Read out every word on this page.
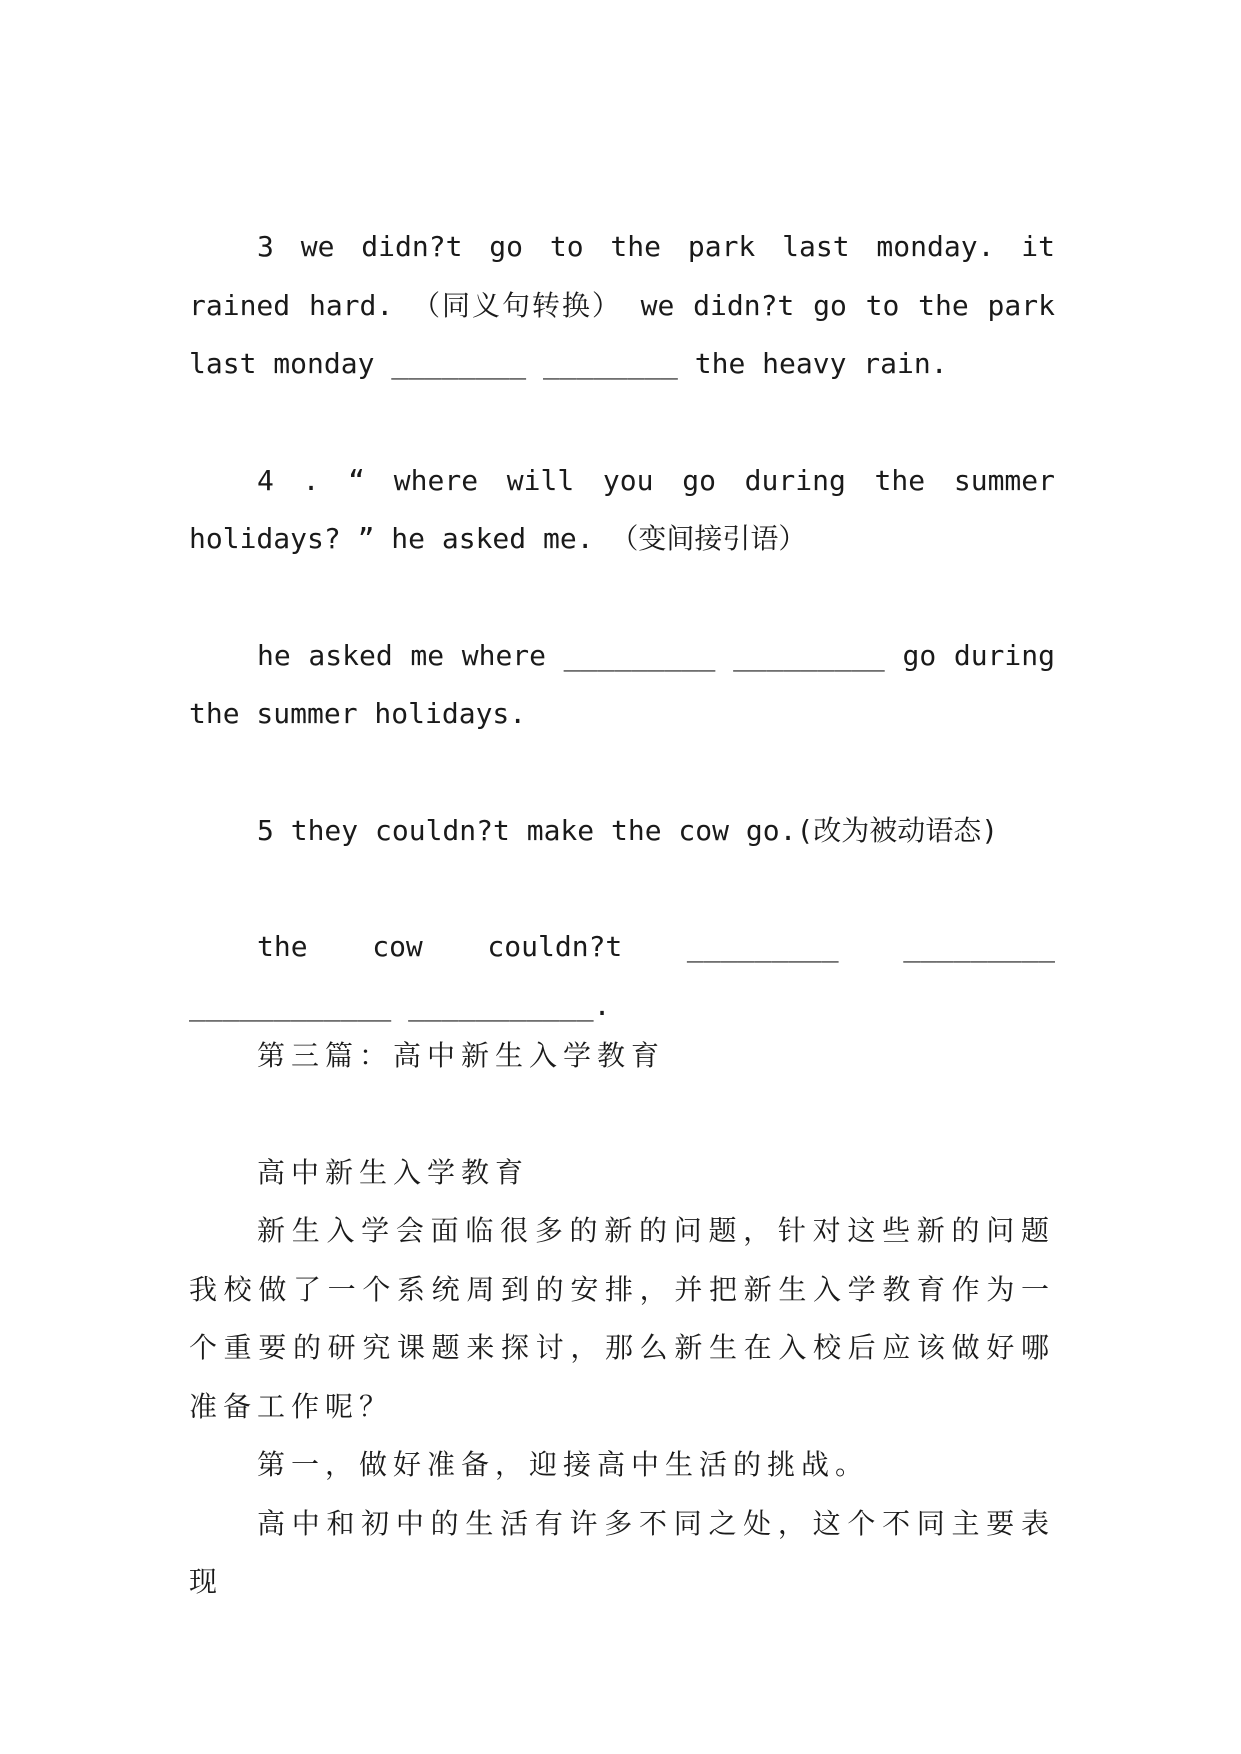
3 we didn?t go to the park last monday. it rained hard. （同义句转换） we didn?t go to the park last monday ________ ________ the heavy rain.

4 . “ where will you go during the summer holidays? ” he asked me. （变间接引语）

he asked me where _________ _________ go during the summer holidays.

5 they couldn?t make the cow go.(改为被动语态)

the cow couldn?t _________ _________ ____________ ___________.

第三篇：高中新生入学教育

高中新生入学教育

新生入学会面临很多的新的问题，针对这些新的问题我校做了一个系统周到的安排，并把新生入学教育作为一个重要的研究课题来探讨，那么新生在入校后应该做好哪准备工作呢？

第一，做好准备，迎接高中生活的挑战。

高中和初中的生活有许多不同之处，这个不同主要表现
